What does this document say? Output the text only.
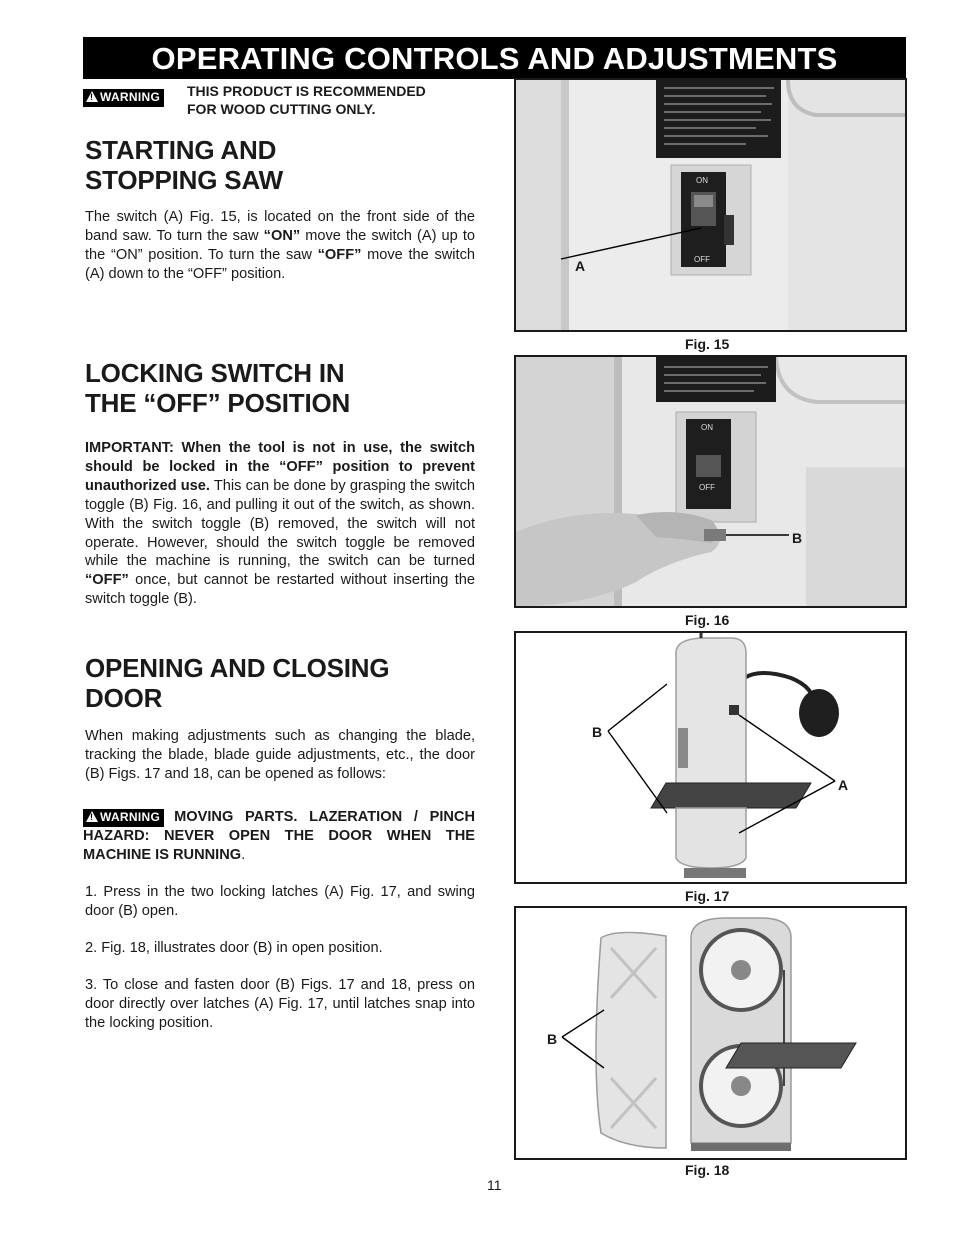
OPERATING CONTROLS AND ADJUSTMENTS
!WARNING THIS PRODUCT IS RECOMMENDED
FOR WOOD CUTTING ONLY.
STARTING AND
STOPPING SAW

The switch (A) Fig. 15, is located on the front side of the band saw. To turn the saw “ON” move the switch (A) up to the “ON” position. To turn the saw “OFF” move the switch (A) down to the “OFF” position.

LOCKING SWITCH IN
THE “OFF” POSITION

IMPORTANT: When the tool is not in use, the switch should be locked in the “OFF” position to prevent unauthorized use. This can be done by grasping the switch toggle (B) Fig. 16, and pulling it out of the switch, as shown. With the switch toggle (B) removed, the switch will not operate. However, should the switch toggle be removed while the machine is running, the switch can be turned “OFF” once, but cannot be restarted without inserting the switch toggle (B).

OPENING AND CLOSING
DOOR

When making adjustments such as changing the blade, tracking the blade, blade guide adjustments, etc., the door (B) Figs. 17 and 18, can be opened as follows:

!WARNING MOVING PARTS. LAZERATION / PINCH HAZARD: NEVER OPEN THE DOOR WHEN THE MACHINE IS RUNNING.

1. Press in the two locking latches (A) Fig. 17, and swing door (B) open.

2. Fig. 18, illustrates door (B) in open position.

3. To close and fasten door (B) Figs. 17 and 18, press on door directly over latches (A) Fig. 17, until latches snap into the locking position.

ON
OFF
A
Fig. 15
ON
OFF
B
Fig. 16
B
A
Fig. 17
B
Fig. 18
11
